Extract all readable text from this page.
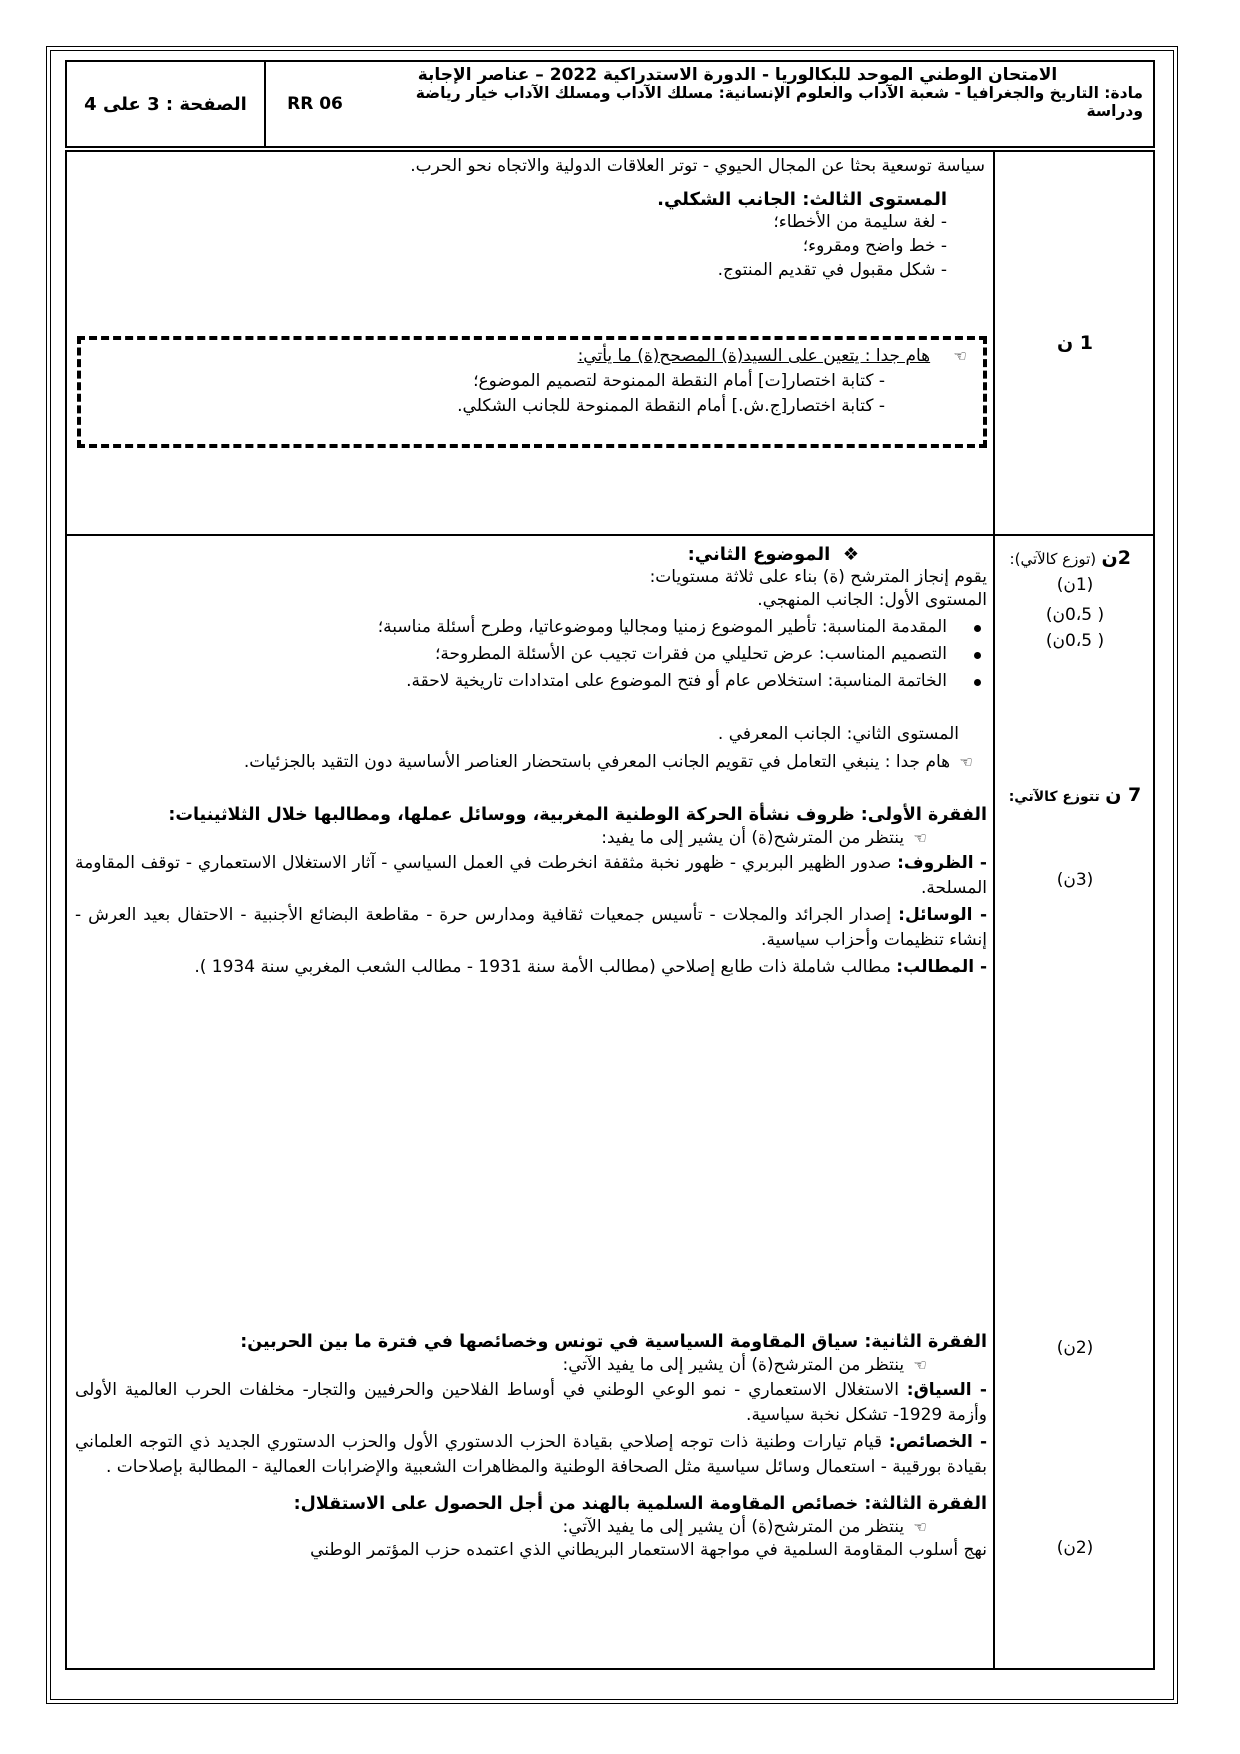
الامتحان الوطني الموحد للبكالوريا - الدورة الاستدراكية 2022 – عناصر الإجابة
مادة: التاريخ والجغرافيا - شعبة الآداب والعلوم الإنسانية: مسلك الآداب ومسلك الآداب خيار رياضة ودراسة
RR 06
الصفحة : 3 على 4

سياسة توسعية بحثا عن المجال الحيوي - توتر العلاقات الدولية والاتجاه نحو الحرب.

المستوى الثالث: الجانب الشكلي.

- لغة سليمة من الأخطاء؛

- خط واضح ومقروء؛

- شكل مقبول في تقديم المنتوج.

☜ هام جدا : يتعين على السيد(ة) المصحح(ة) ما يأتي:

- كتابة اختصار[ت] أمام النقطة الممنوحة لتصميم الموضوع؛

- كتابة اختصار[ج.ش.] أمام النقطة الممنوحة للجانب الشكلي.

1 ن

❖  الموضوع الثاني:

يقوم إنجاز المترشح (ة) بناء على ثلاثة مستويات:

المستوى الأول: الجانب المنهجي.

المقدمة المناسبة: تأطير الموضوع زمنيا ومجاليا وموضوعاتيا، وطرح أسئلة مناسبة؛

التصميم المناسب: عرض تحليلي من فقرات تجيب عن الأسئلة المطروحة؛

الخاتمة المناسبة: استخلاص عام أو فتح الموضوع على امتدادات تاريخية لاحقة.

المستوى الثاني: الجانب المعرفي .

☜ هام جدا : ينبغي التعامل في تقويم الجانب المعرفي باستحضار العناصر الأساسية دون التقيد بالجزئيات.

الفقرة الأولى: ظروف نشأة الحركة الوطنية المغربية، ووسائل عملها، ومطالبها خلال الثلاثينيات:

☜ ينتظر من المترشح(ة) أن يشير إلى ما يفيد:

- الظروف: صدور الظهير البربري - ظهور نخبة مثقفة انخرطت في العمل السياسي - آثار الاستغلال الاستعماري - توقف المقاومة المسلحة.

- الوسائل: إصدار الجرائد والمجلات - تأسيس جمعيات ثقافية ومدارس حرة - مقاطعة البضائع الأجنبية - الاحتفال بعيد العرش - إنشاء تنظيمات وأحزاب سياسية.

- المطالب: مطالب شاملة ذات طابع إصلاحي (مطالب الأمة سنة 1931 - مطالب الشعب المغربي سنة 1934 ).

الفقرة الثانية: سياق المقاومة السياسية في تونس وخصائصها في فترة ما بين الحربين:

☜ ينتظر من المترشح(ة) أن يشير إلى ما يفيد الآتي:

- السياق: الاستغلال الاستعماري - نمو الوعي الوطني في أوساط الفلاحين والحرفيين والتجار- مخلفات الحرب العالمية الأولى وأزمة 1929- تشكل نخبة سياسية.

- الخصائص: قيام تيارات وطنية ذات توجه إصلاحي بقيادة الحزب الدستوري الأول والحزب الدستوري الجديد ذي التوجه العلماني بقيادة بورقيبة - استعمال وسائل سياسية مثل الصحافة الوطنية والمظاهرات الشعبية والإضرابات العمالية - المطالبة بإصلاحات .

الفقرة الثالثة: خصائص المقاومة السلمية بالهند من أجل الحصول على الاستقلال:

☜ ينتظر من المترشح(ة) أن يشير إلى ما يفيد الآتي:

نهج أسلوب المقاومة السلمية في مواجهة الاستعمار البريطاني الذي اعتمده حزب المؤتمر الوطني

2ن (توزع كالآتي):
(1ن)
( 0،5ن)
( 0،5ن)
7 ن تتوزع كالآتي:
(3ن)
(2ن)
(2ن)
